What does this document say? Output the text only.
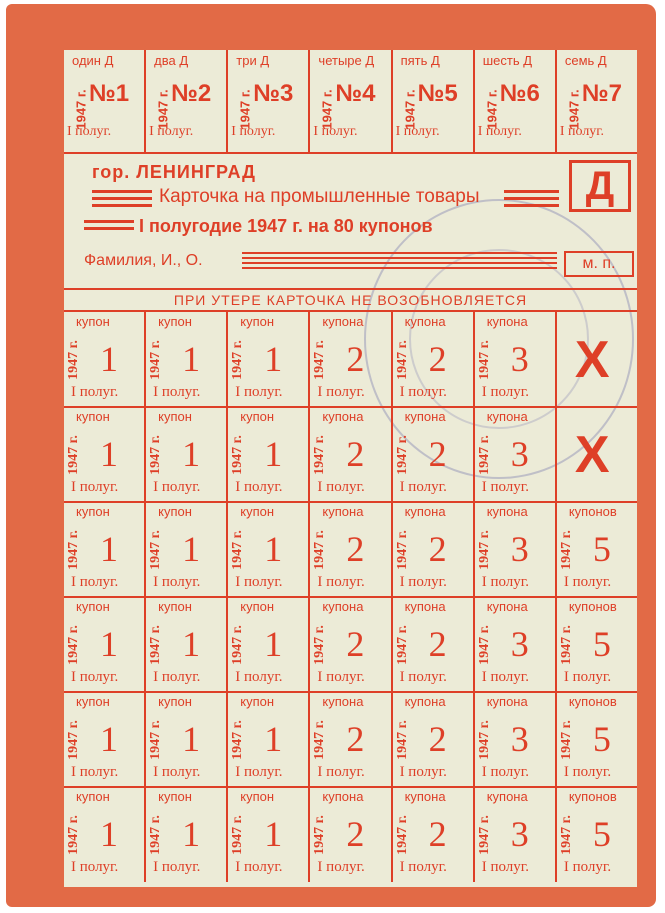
один Д
1947 г. №1
I полуг.
два Д
1947 г. №2
I полуг.
три Д
1947 г. №3
I полуг.
четыре Д
1947 г. №4
I полуг.
пять Д
1947 г. №5
I полуг.
шесть Д
1947 г. №6
I полуг.
семь Д
1947 г. №7
I полуг.
гор. ЛЕНИНГРАД
Карточка на промышленные товары	Д
I полугодие 1947 г. на 80 купонов
Фамилия, И., О.	м. п.
ПРИ УТЕРЕ КАРТОЧКА НЕ ВОЗОБНОВЛЯЕТСЯ
купон
1947 г. 1
I полуг.
купон
1947 г. 1
I полуг.
купон
1947 г. 1
I полуг.
купона
1947 г. 2
I полуг.
купона
1947 г. 2
I полуг.
купона
1947 г. 3
I полуг.
X
купон
1947 г. 1
I полуг.
купон
1947 г. 1
I полуг.
купон
1947 г. 1
I полуг.
купона
1947 г. 2
I полуг.
купона
1947 г. 2
I полуг.
купона
1947 г. 3
I полуг.
X
купон
1947 г. 1
I полуг.
купон
1947 г. 1
I полуг.
купон
1947 г. 1
I полуг.
купона
1947 г. 2
I полуг.
купона
1947 г. 2
I полуг.
купона
1947 г. 3
I полуг.
купонов
1947 г. 5
I полуг.
купон
1947 г. 1
I полуг.
купон
1947 г. 1
I полуг.
купон
1947 г. 1
I полуг.
купона
1947 г. 2
I полуг.
купона
1947 г. 2
I полуг.
купона
1947 г. 3
I полуг.
купонов
1947 г. 5
I полуг.
купон
1947 г. 1
I полуг.
купон
1947 г. 1
I полуг.
купон
1947 г. 1
I полуг.
купона
1947 г. 2
I полуг.
купона
1947 г. 2
I полуг.
купона
1947 г. 3
I полуг.
купонов
1947 г. 5
I полуг.
купон
1947 г. 1
I полуг.
купон
1947 г. 1
I полуг.
купон
1947 г. 1
I полуг.
купона
1947 г. 2
I полуг.
купона
1947 г. 2
I полуг.
купона
1947 г. 3
I полуг.
купонов
1947 г. 5
I полуг.
